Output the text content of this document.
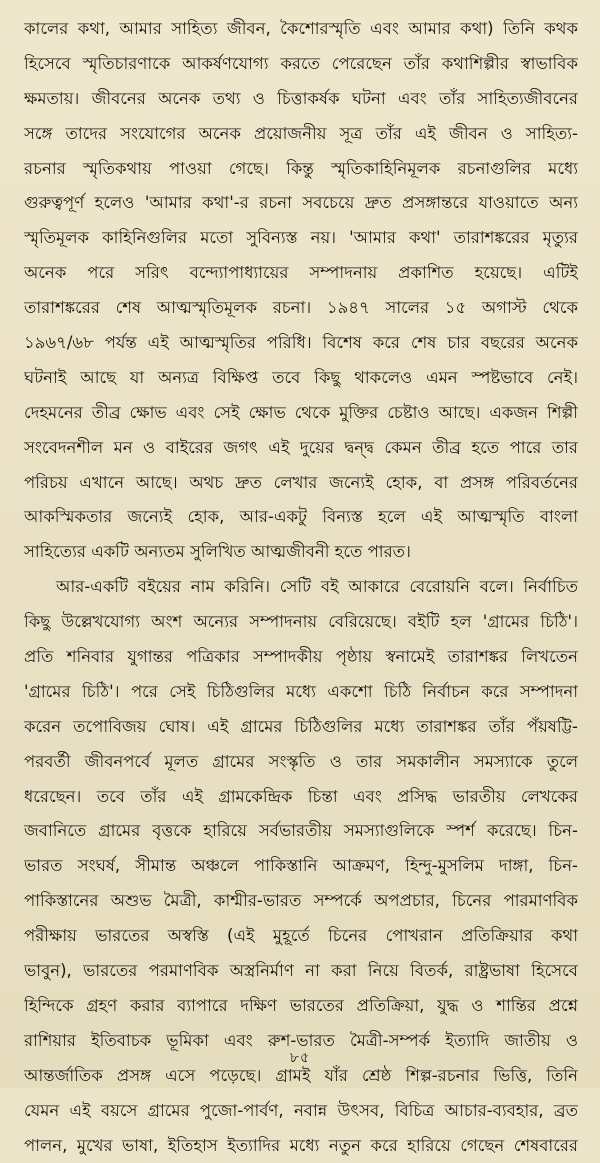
কালের কথা, আমার সাহিত্য জীবন, কৈশোরস্মৃতি এবং আমার কথা) তিনি কথক
হিসেবে স্মৃতিচারণাকে আকর্ষণযোগ্য করতে পেরেছেন তাঁর কথাশিল্পীর স্বাভাবিক
ক্ষমতায়। জীবনের অনেক তথ্য ও চিত্তাকর্ষক ঘটনা এবং তাঁর সাহিত্যজীবনের
সঙ্গে তাদের সংযোগের অনেক প্রয়োজনীয় সূত্র তাঁর এই জীবন ও সাহিত্য-
রচনার স্মৃতিকথায় পাওয়া গেছে। কিন্তু স্মৃতিকাহিনিমূলক রচনাগুলির মধ্যে
গুরুত্বপূর্ণ হলেও 'আমার কথা'-র রচনা সবচেয়ে দ্রুত প্রসঙ্গান্তরে যাওয়াতে অন্য
স্মৃতিমূলক কাহিনিগুলির মতো সুবিন্যস্ত নয়। 'আমার কথা' তারাশঙ্করের মৃত্যুর
অনেক পরে সরিৎ বন্দ্যোপাধ্যায়ের সম্পাদনায় প্রকাশিত হয়েছে। এটিই
তারাশঙ্করের শেষ আত্মস্মৃতিমূলক রচনা। ১৯৪৭ সালের ১৫ অগাস্ট থেকে
১৯৬৭/৬৮ পর্যন্ত এই আত্মস্মৃতির পরিধি। বিশেষ করে শেষ চার বছরের অনেক
ঘটনাই আছে যা অন্যত্র বিক্ষিপ্ত তবে কিছু থাকলেও এমন স্পষ্টভাবে নেই।
দেহমনের তীব্র ক্ষোভ এবং সেই ক্ষোভ থেকে মুক্তির চেষ্টাও আছে। একজন শিল্পী
সংবেদনশীল মন ও বাইরের জগৎ এই দুয়ের দ্বন্দ্ব কেমন তীব্র হতে পারে তার
পরিচয় এখানে আছে। অথচ দ্রুত লেখার জন্যেই হোক, বা প্রসঙ্গ পরিবর্তনের
আকস্মিকতার জন্যেই হোক, আর-একটু বিন্যস্ত হলে এই আত্মস্মৃতি বাংলা
সাহিত্যের একটি অন্যতম সুলিখিত আত্মজীবনী হতে পারত।
আর-একটি বইয়ের নাম করিনি। সেটি বই আকারে বেরোয়নি বলে। নির্বাচিত
কিছু উল্লেখযোগ্য অংশ অন্যের সম্পাদনায় বেরিয়েছে। বইটি হল 'গ্রামের চিঠি'।
প্রতি শনিবার যুগান্তর পত্রিকার সম্পাদকীয় পৃষ্ঠায় স্বনামেই তারাশঙ্কর লিখতেন
'গ্রামের চিঠি'। পরে সেই চিঠিগুলির মধ্যে একশো চিঠি নির্বাচন করে সম্পাদনা
করেন তপোবিজয় ঘোষ। এই গ্রামের চিঠিগুলির মধ্যে তারাশঙ্কর তাঁর পঁয়ষট্টি-
পরবর্তী জীবনপর্বে মূলত গ্রামের সংস্কৃতি ও তার সমকালীন সমস্যাকে তুলে
ধরেছেন। তবে তাঁর এই গ্রামকেন্দ্রিক চিন্তা এবং প্রসিদ্ধ ভারতীয় লেখকের
জবানিতে গ্রামের বৃত্তকে হারিয়ে সর্বভারতীয় সমস্যাগুলিকে স্পর্শ করেছে। চিন-
ভারত সংঘর্ষ, সীমান্ত অঞ্চলে পাকিস্তানি আক্রমণ, হিন্দু-মুসলিম দাঙ্গা, চিন-
পাকিস্তানের অশুভ মৈত্রী, কাশ্মীর-ভারত সম্পর্কে অপপ্রচার, চিনের পারমাণবিক
পরীক্ষায় ভারতের অস্বস্তি (এই মুহূর্তে চিনের পোখরান প্রতিক্রিয়ার কথা
ভাবুন), ভারতের পরমাণবিক অস্ত্রনির্মাণ না করা নিয়ে বিতর্ক, রাষ্ট্রভাষা হিসেবে
হিন্দিকে গ্রহণ করার ব্যাপারে দক্ষিণ ভারতের প্রতিক্রিয়া, যুদ্ধ ও শান্তির প্রশ্নে
রাশিয়ার ইতিবাচক ভূমিকা এবং রুশ-ভারত মৈত্রী-সম্পর্ক ইত্যাদি জাতীয় ও
আন্তর্জাতিক প্রসঙ্গ এসে পড়েছে। গ্রামই যাঁর শ্রেষ্ঠ শিল্প-রচনার ভিত্তি, তিনি
যেমন এই বয়সে গ্রামের পুজো-পার্বণ, নবান্ন উৎসব, বিচিত্র আচার-ব্যবহার, ব্রত
পালন, মুখের ভাষা, ইতিহাস ইত্যাদির মধ্যে নতুন করে হারিয়ে গেছেন শেষবারের
৮৫
